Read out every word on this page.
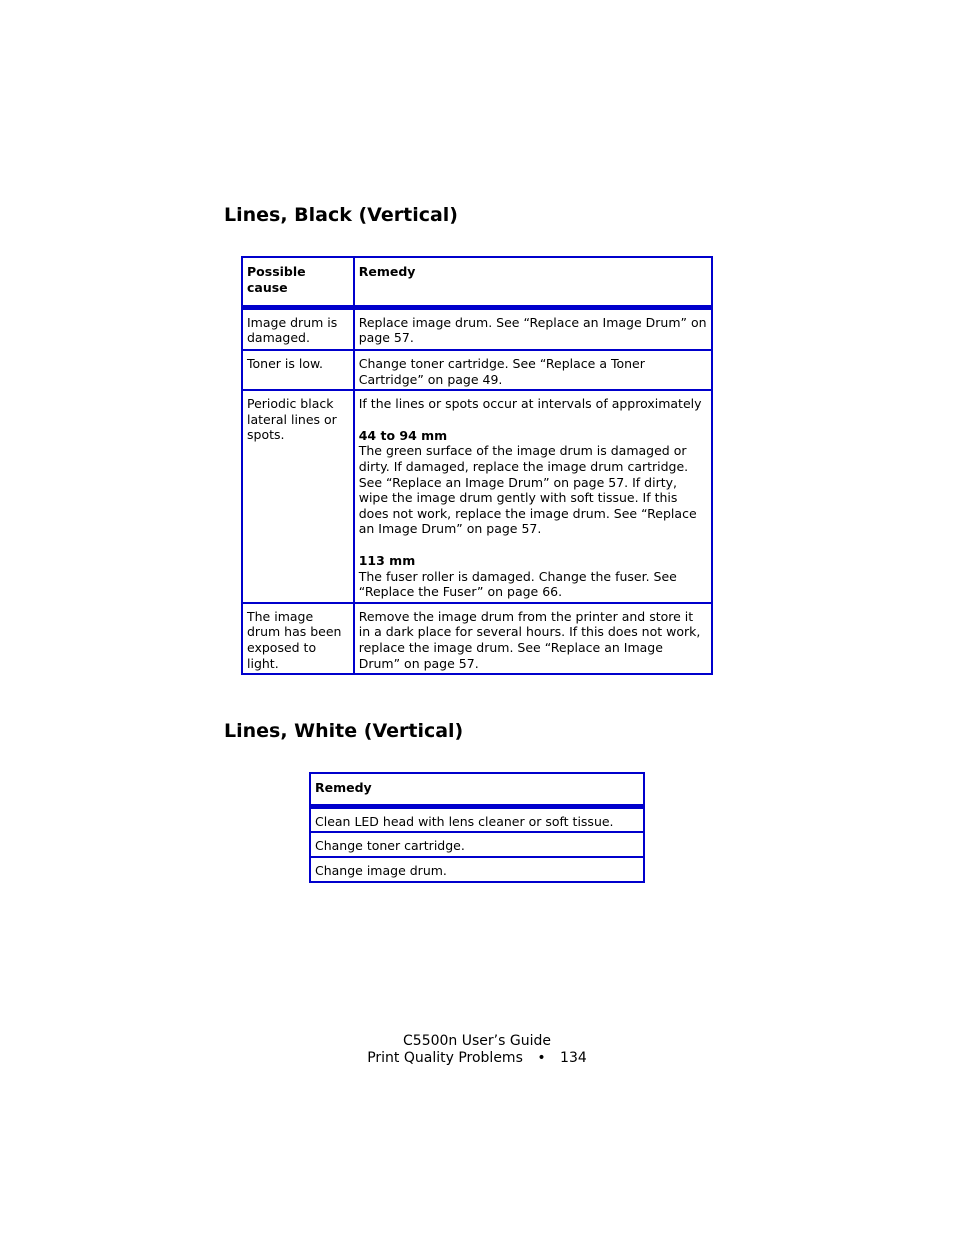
Lines, Black (Vertical)
Possible cause	Remedy
Image drum is damaged.	Replace image drum. See “Replace an Image Drum” on page 57.
Toner is low.	Change toner cartridge. See “Replace a Toner Cartridge” on page 49.
Periodic black lateral lines or spots.	If the lines or spots occur at intervals of approximately
44 to 94 mm
The green surface of the image drum is damaged or dirty. If damaged, replace the image drum cartridge. See “Replace an Image Drum” on page 57. If dirty, wipe the image drum gently with soft tissue. If this does not work, replace the image drum. See “Replace an Image Drum” on page 57.
113 mm
The fuser roller is damaged. Change the fuser. See “Replace the Fuser” on page 66.

The image drum has been exposed to light.	Remove the image drum from the printer and store it in a dark place for several hours. If this does not work, replace the image drum. See “Replace an Image Drum” on page 57.
Lines, White (Vertical)
Remedy
Clean LED head with lens cleaner or soft tissue.
Change toner cartridge.
Change image drum.
C5500n User’s Guide
Print Quality Problems • 134
